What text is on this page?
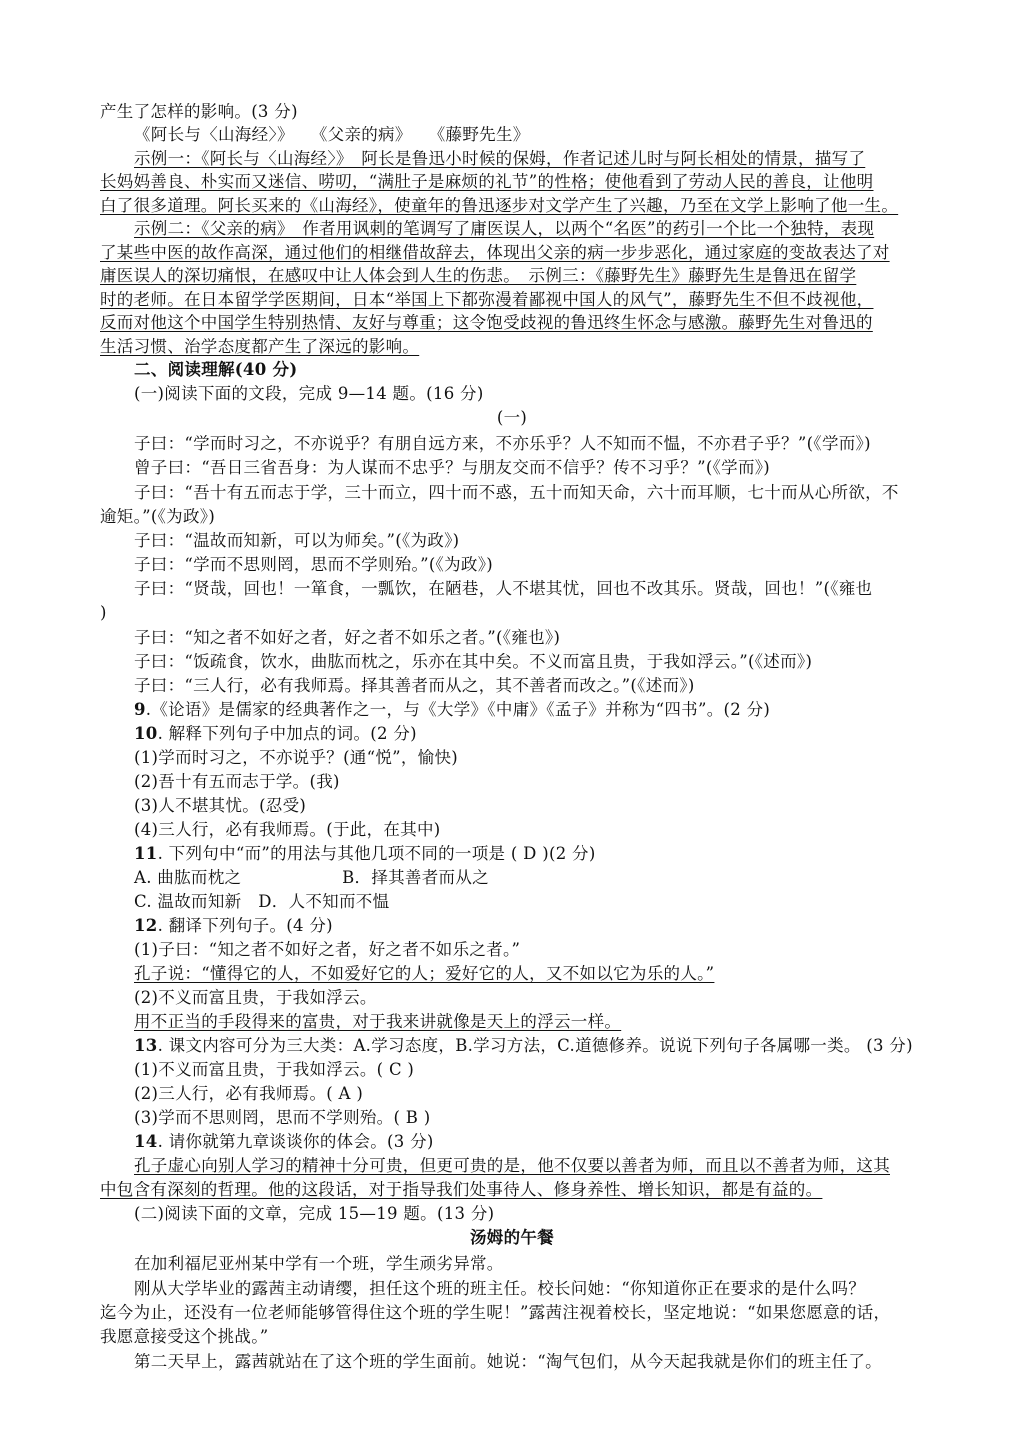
产生了怎样的影响。(3 分)
《阿长与〈山海经〉》　　《父亲的病》　　《藤野先生》
示例一：《阿长与〈山海经〉》　阿长是鲁迅小时候的保姆，作者记述儿时与阿长相处的情景，描写了
长妈妈善良、朴实而又迷信、唠叨，“满肚子是麻烦的礼节”的性格；使他看到了劳动人民的善良，让他明
白了很多道理。阿长买来的《山海经》，使童年的鲁迅逐步对文学产生了兴趣，乃至在文学上影响了他一生。
示例二：《父亲的病》　作者用讽刺的笔调写了庸医误人，以两个“名医”的药引一个比一个独特，表现
了某些中医的故作高深，通过他们的相继借故辞去，体现出父亲的病一步步恶化，通过家庭的变故表达了对
庸医误人的深切痛恨，在感叹中让人体会到人生的伤悲。　示例三：《藤野先生》藤野先生是鲁迅在留学
时的老师。在日本留学学医期间，日本“举国上下都弥漫着鄙视中国人的风气”，藤野先生不但不歧视他，
反而对他这个中国学生特别热情、友好与尊重；这令饱受歧视的鲁迅终生怀念与感激。藤野先生对鲁迅的
生活习惯、治学态度都产生了深远的影响。
二、阅读理解(40 分)
(一)阅读下面的文段，完成 9—14 题。(16 分)
(一)
子曰：“学而时习之，不亦说乎？有朋自远方来，不亦乐乎？人不知而不愠，不亦君子乎？”(《学而》)
曾子曰：“吾日三省吾身：为人谋而不忠乎？与朋友交而不信乎？传不习乎？”(《学而》)
子曰：“吾十有五而志于学，三十而立，四十而不惑，五十而知天命，六十而耳顺，七十而从心所欲，不
逾矩。”(《为政》)
子曰：“温故而知新，可以为师矣。”(《为政》)
子曰：“学而不思则罔，思而不学则殆。”(《为政》)
子曰：“贤哉，回也！一箪食，一瓢饮，在陋巷，人不堪其忧，回也不改其乐。贤哉，回也！”(《雍也
)
子曰：“知之者不如好之者，好之者不如乐之者。”(《雍也》)
子曰：“饭疏食，饮水，曲肱而枕之，乐亦在其中矣。不义而富且贵，于我如浮云。”(《述而》)
子曰：“三人行，必有我师焉。择其善者而从之，其不善者而改之。”(《述而》)
9.《论语》是儒家的经典著作之一，与《大学》《中庸》《孟子》并称为“四书”。(2 分)
10. 解释下列句子中加点的词。(2 分)
(1)学而时习之，不亦说乎？(通“悦”，愉快)
(2)吾十有五而志于学。(我)
(3)人不堪其忧。(忍受)
(4)三人行，必有我师焉。(于此，在其中)
11. 下列句中“而”的用法与其他几项不同的一项是 ( D )(2 分)
A. 曲肱而枕之　　　　　　B．择其善者而从之
C. 温故而知新　D．人不知而不愠
12. 翻译下列句子。(4 分)
(1)子曰：“知之者不如好之者，好之者不如乐之者。”
孔子说：“懂得它的人，不如爱好它的人；爱好它的人，又不如以它为乐的人。”
(2)不义而富且贵，于我如浮云。
用不正当的手段得来的富贵，对于我来讲就像是天上的浮云一样。
13. 课文内容可分为三大类：A.学习态度，B.学习方法，C.道德修养。说说下列句子各属哪一类。 (3 分)
(1)不义而富且贵，于我如浮云。( C )
(2)三人行，必有我师焉。( A )
(3)学而不思则罔，思而不学则殆。( B )
14. 请你就第九章谈谈你的体会。(3 分)
孔子虚心向别人学习的精神十分可贵，但更可贵的是，他不仅要以善者为师，而且以不善者为师，这其
中包含有深刻的哲理。他的这段话，对于指导我们处事待人、修身养性、增长知识，都是有益的。
(二)阅读下面的文章，完成 15—19 题。(13 分)
汤姆的午餐
在加利福尼亚州某中学有一个班，学生顽劣异常。
刚从大学毕业的露茜主动请缨，担任这个班的班主任。校长问她：“你知道你正在要求的是什么吗？
迄今为止，还没有一位老师能够管得住这个班的学生呢！”露茜注视着校长，坚定地说：“如果您愿意的话，
我愿意接受这个挑战。”
第二天早上，露茜就站在了这个班的学生面前。她说：“淘气包们，从今天起我就是你们的班主任了。
